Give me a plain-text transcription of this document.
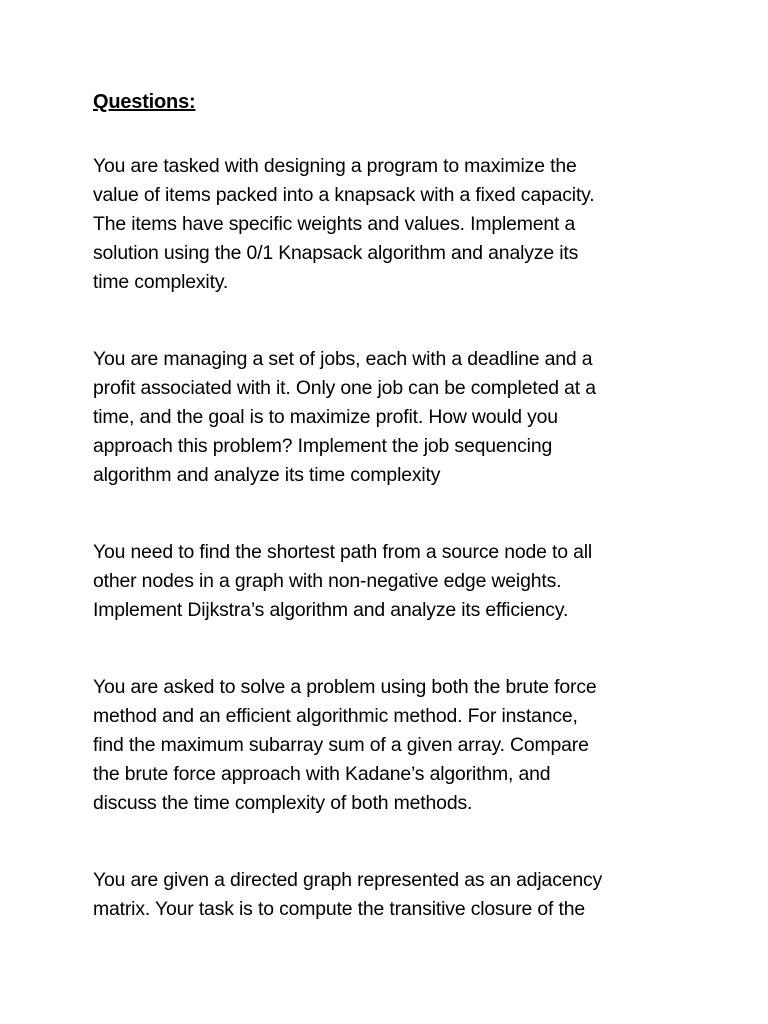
Questions:
You are tasked with designing a program to maximize the
value of items packed into a knapsack with a fixed capacity.
The items have specific weights and values. Implement a
solution using the 0/1 Knapsack algorithm and analyze its
time complexity.
You are managing a set of jobs, each with a deadline and a
profit associated with it. Only one job can be completed at a
time, and the goal is to maximize profit. How would you
approach this problem? Implement the job sequencing
algorithm and analyze its time complexity
You need to find the shortest path from a source node to all
other nodes in a graph with non-negative edge weights.
Implement Dijkstra’s algorithm and analyze its efficiency.
You are asked to solve a problem using both the brute force
method and an efficient algorithmic method. For instance,
find the maximum subarray sum of a given array. Compare
the brute force approach with Kadane’s algorithm, and
discuss the time complexity of both methods.
You are given a directed graph represented as an adjacency
matrix. Your task is to compute the transitive closure of the
